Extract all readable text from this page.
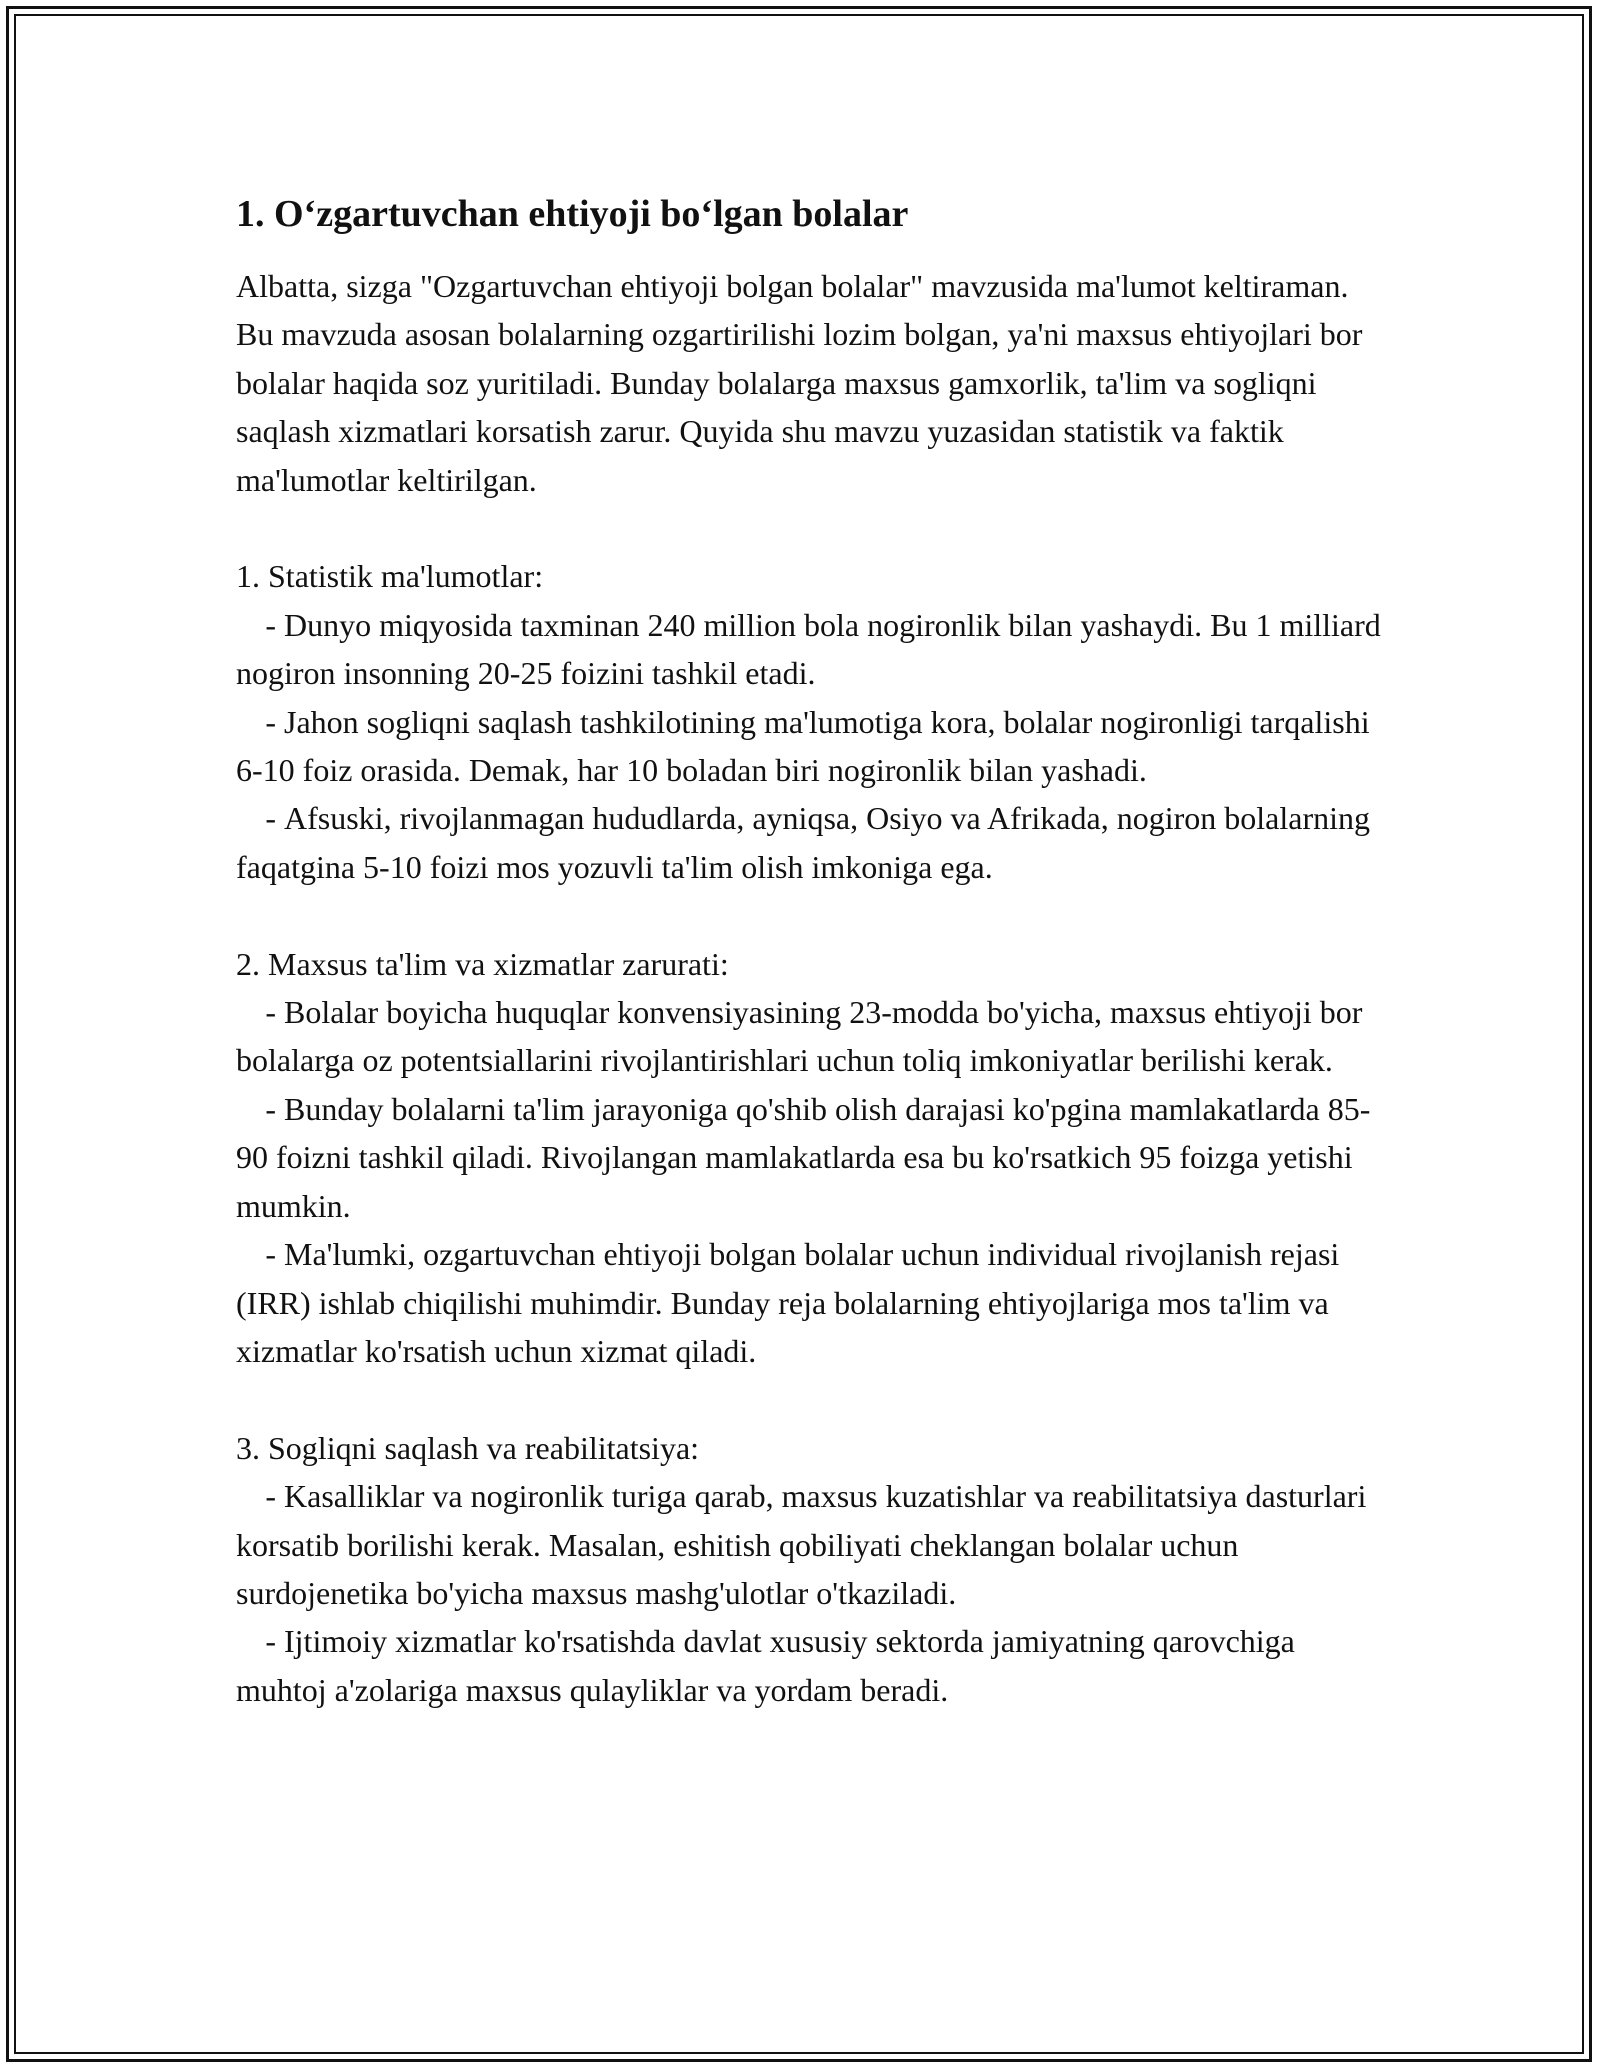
1. Oʻzgartuvchan ehtiyoji boʻlgan bolalar

Albatta, sizga "Ozgartuvchan ehtiyoji bolgan bolalar" mavzusida ma'lumot keltiraman. Bu mavzuda asosan bolalarning ozgartirilishi lozim bolgan, ya'ni maxsus ehtiyojlari bor bolalar haqida soz yuritiladi. Bunday bolalarga maxsus gamxorlik, ta'lim va sogliqni saqlash xizmatlari korsatish zarur. Quyida shu mavzu yuzasidan statistik va faktik ma'lumotlar keltirilgan.

1. Statistik ma'lumotlar:

- Dunyo miqyosida taxminan 240 million bola nogironlik bilan yashaydi. Bu 1 milliard nogiron insonning 20-25 foizini tashkil etadi.

- Jahon sogliqni saqlash tashkilotining ma'lumotiga kora, bolalar nogironligi tarqalishi 6-10 foiz orasida. Demak, har 10 boladan biri nogironlik bilan yashadi.

- Afsuski, rivojlanmagan hududlarda, ayniqsa, Osiyo va Afrikada, nogiron bolalarning faqatgina 5-10 foizi mos yozuvli ta'lim olish imkoniga ega.

2. Maxsus ta'lim va xizmatlar zarurati:

- Bolalar boyicha huquqlar konvensiyasining 23-modda bo'yicha, maxsus ehtiyoji bor bolalarga oz potentsiallarini rivojlantirishlari uchun toliq imkoniyatlar berilishi kerak.

- Bunday bolalarni ta'lim jarayoniga qo'shib olish darajasi ko'pgina mamlakatlarda 85-90 foizni tashkil qiladi. Rivojlangan mamlakatlarda esa bu ko'rsatkich 95 foizga yetishi mumkin.

- Ma'lumki, ozgartuvchan ehtiyoji bolgan bolalar uchun individual rivojlanish rejasi (IRR) ishlab chiqilishi muhimdir. Bunday reja bolalarning ehtiyojlariga mos ta'lim va xizmatlar ko'rsatish uchun xizmat qiladi.

3. Sogliqni saqlash va reabilitatsiya:

- Kasalliklar va nogironlik turiga qarab, maxsus kuzatishlar va reabilitatsiya dasturlari korsatib borilishi kerak. Masalan, eshitish qobiliyati cheklangan bolalar uchun surdojenetika bo'yicha maxsus mashg'ulotlar o'tkaziladi.

- Ijtimoiy xizmatlar ko'rsatishda davlat xususiy sektorda jamiyatning qarovchiga muhtoj a'zolariga maxsus qulayliklar va yordam beradi.
